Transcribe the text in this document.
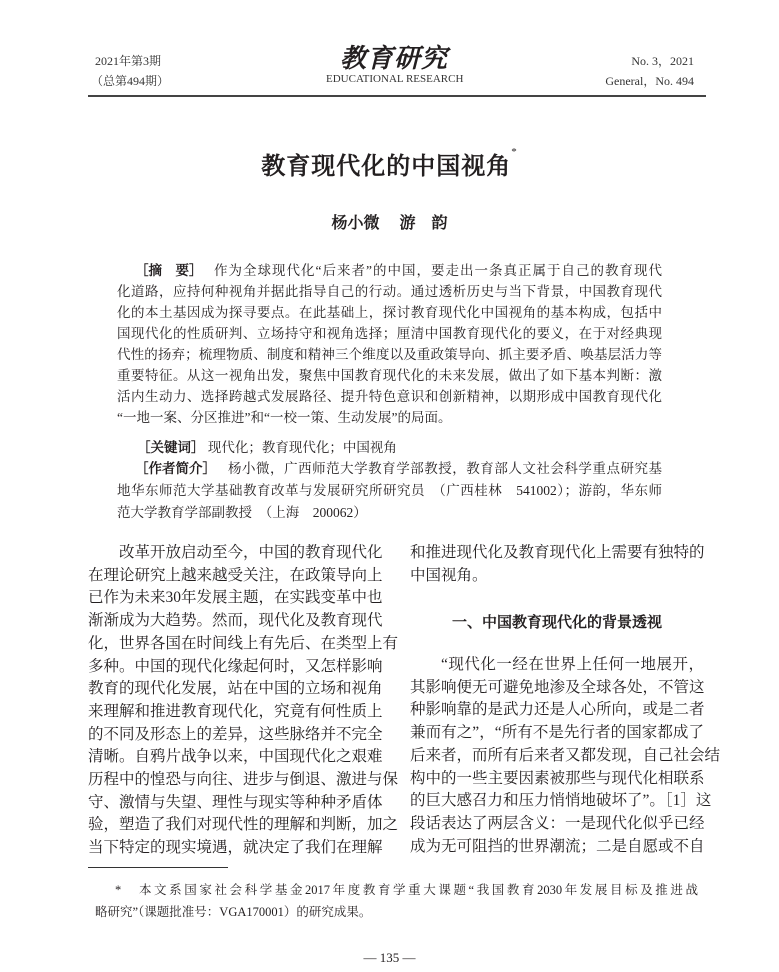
2021年第3期
（总第494期）
教育研究
EDUCATIONAL RESEARCH
No. 3，2021
General，No. 494
教育现代化的中国视角*
杨小微　 游　韵
［摘　要］ 作为全球现代化“后来者”的中国，要走出一条真正属于自己的教育现代
化道路，应持何种视角并据此指导自己的行动。通过透析历史与当下背景，中国教育现代
化的本土基因成为探寻要点。在此基础上，探讨教育现代化中国视角的基本构成，包括中
国现代化的性质研判、立场持守和视角选择；厘清中国教育现代化的要义，在于对经典现
代性的扬弃；梳理物质、制度和精神三个维度以及重政策导向、抓主要矛盾、唤基层活力等
重要特征。从这一视角出发，聚焦中国教育现代化的未来发展，做出了如下基本判断：激
活内生动力、选择跨越式发展路径、提升特色意识和创新精神，以期形成中国教育现代化
“一地一案、分区推进”和“一校一策、生动发展”的局面。
［关键词］ 现代化；教育现代化；中国视角
［作者简介］ 杨小微，广西师范大学教育学部教授，教育部人文社会科学重点研究基
地华东师范大学基础教育改革与发展研究所研究员　（广西桂林　541002）；游韵，华东师
范大学教育学部副教授　（上海　200062）
改革开放启动至今，中国的教育现代化
在理论研究上越来越受关注，在政策导向上
已作为未来30年发展主题，在实践变革中也
渐渐成为大趋势。然而，现代化及教育现代
化，世界各国在时间线上有先后、在类型上有
多种。中国的现代化缘起何时，又怎样影响
教育的现代化发展，站在中国的立场和视角
来理解和推进教育现代化，究竟有何性质上
的不同及形态上的差异，这些脉络并不完全
清晰。自鸦片战争以来，中国现代化之艰难
历程中的惶恐与向往、进步与倒退、激进与保
守、激情与失望、理性与现实等种种矛盾体
验，塑造了我们对现代性的理解和判断，加之
当下特定的现实境遇，就决定了我们在理解
和推进现代化及教育现代化上需要有独特的
中国视角。
“现代化一经在世界上任何一地展开，
其影响便无可避免地渗及全球各处，不管这
种影响靠的是武力还是人心所向，或是二者
兼而有之”，“所有不是先行者的国家都成了
后来者，而所有后来者又都发现，自己社会结
构中的一些主要因素被那些与现代化相联系
的巨大感召力和压力悄悄地破坏了”。［1］这
段话表达了两层含义：一是现代化似乎已经
成为无可阻挡的世界潮流；二是自愿或不自
一、中国教育现代化的背景透视
*　本文系国家社会科学基金2017年度教育学重大课题“我国教育2030年发展目标及推进战
略研究”（课题批准号：VGA170001）的研究成果。
— 135 —
